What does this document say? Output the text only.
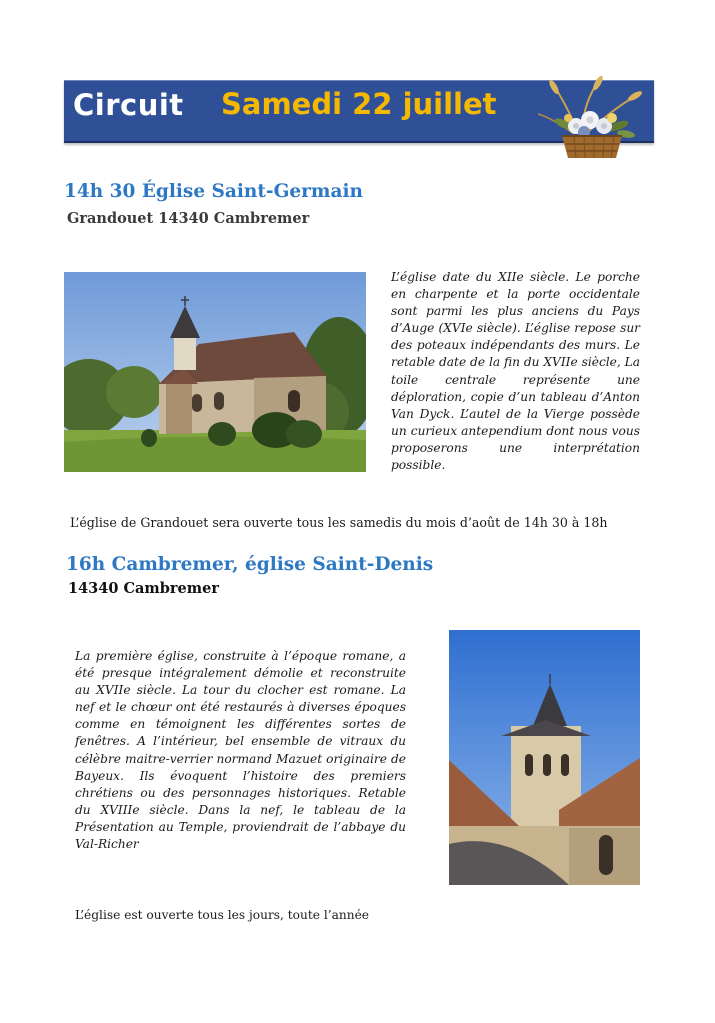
Circuit Samedi 22 juillet
14h 30 Église Saint-Germain
Grandouet 14340 Cambremer

L’église date du XIIe siècle. Le porche en charpente et la porte occidentale sont parmi les plus anciens du Pays d’Auge (XVIe siècle). L’église repose sur des poteaux indépendants des murs. Le retable date de la fin du XVIIe siècle, La toile centrale représente une déploration, copie d’un tableau d’Anton Van Dyck. L’autel de la Vierge possède un curieux antependium dont nous vous proposerons une interprétation possible.

L’église de Grandouet sera ouverte tous les samedis du mois d’août de 14h 30 à 18h
16h Cambremer, église Saint-Denis
14340 Cambremer

La première église, construite à l’époque romane, a été presque intégralement démolie et reconstruite au XVIIe siècle. La tour du clocher est romane. La nef et le chœur ont été restaurés à diverses époques comme en témoignent les différentes sortes de fenêtres. A l’intérieur, bel ensemble de vitraux du célèbre maitre-verrier normand Mazuet originaire de Bayeux. Ils évoquent l’histoire des premiers chrétiens ou des personnages historiques. Retable du XVIIIe siècle. Dans la nef, le tableau de la Présentation au Temple, proviendrait de l’abbaye du Val-Richer

L’église est ouverte tous les jours, toute l’année
